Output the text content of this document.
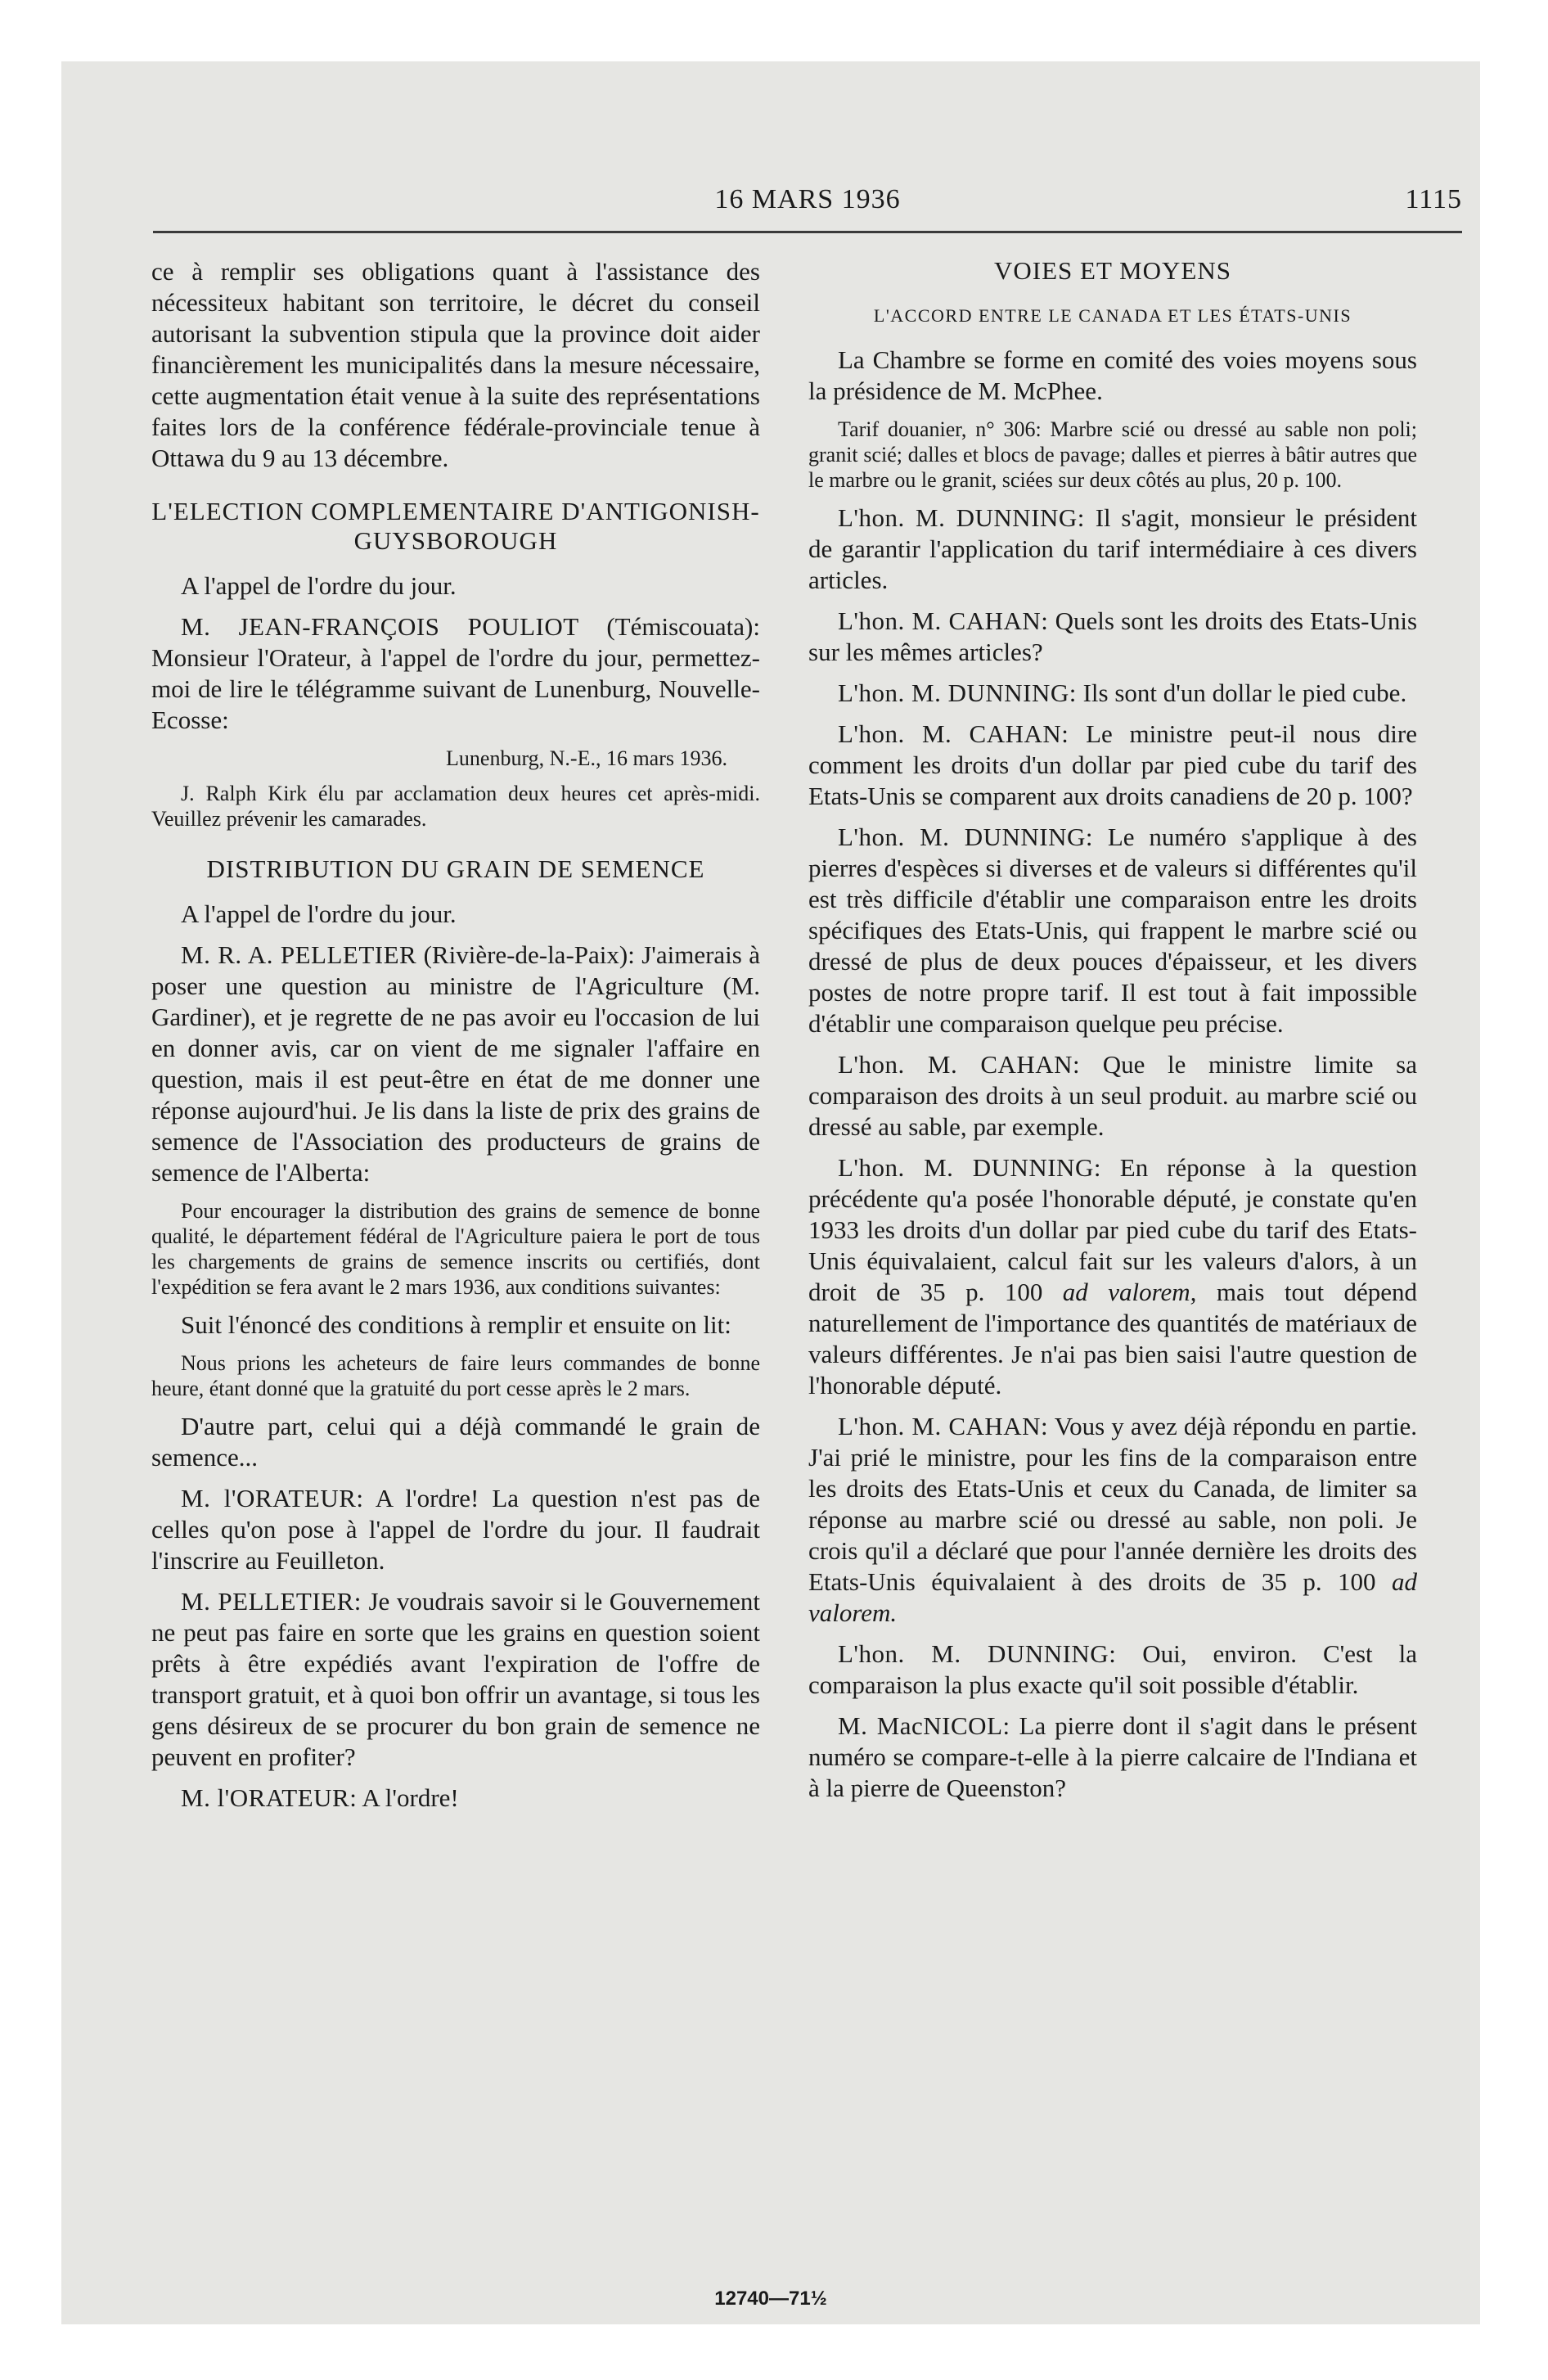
16 MARS 1936	1115

ce à remplir ses obligations quant à l'assistance des nécessiteux habitant son territoire, le décret du conseil autorisant la subvention stipula que la province doit aider financièrement les municipalités dans la mesure nécessaire, cette augmentation était venue à la suite des représentations faites lors de la conférence fédérale-provinciale tenue à Ottawa du 9 au 13 décembre.

L'ELECTION COMPLEMENTAIRE D'ANTIGONISH-GUYSBOROUGH

A l'appel de l'ordre du jour.

M. JEAN-FRANÇOIS POULIOT (Témiscouata): Monsieur l'Orateur, à l'appel de l'ordre du jour, permettez-moi de lire le télégramme suivant de Lunenburg, Nouvelle-Ecosse:

Lunenburg, N.-E., 16 mars 1936.

J. Ralph Kirk élu par acclamation deux heures cet après-midi. Veuillez prévenir les camarades.

DISTRIBUTION DU GRAIN DE SEMENCE

A l'appel de l'ordre du jour.

M. R. A. PELLETIER (Rivière-de-la-Paix): J'aimerais à poser une question au ministre de l'Agriculture (M. Gardiner), et je regrette de ne pas avoir eu l'occasion de lui en donner avis, car on vient de me signaler l'affaire en question, mais il est peut-être en état de me donner une réponse aujourd'hui. Je lis dans la liste de prix des grains de semence de l'Association des producteurs de grains de semence de l'Alberta:

Pour encourager la distribution des grains de semence de bonne qualité, le département fédéral de l'Agriculture paiera le port de tous les chargements de grains de semence inscrits ou certifiés, dont l'expédition se fera avant le 2 mars 1936, aux conditions suivantes:

Suit l'énoncé des conditions à remplir et ensuite on lit:

Nous prions les acheteurs de faire leurs commandes de bonne heure, étant donné que la gratuité du port cesse après le 2 mars.

D'autre part, celui qui a déjà commandé le grain de semence...

M. l'ORATEUR: A l'ordre! La question n'est pas de celles qu'on pose à l'appel de l'ordre du jour. Il faudrait l'inscrire au Feuilleton.

M. PELLETIER: Je voudrais savoir si le Gouvernement ne peut pas faire en sorte que les grains en question soient prêts à être expédiés avant l'expiration de l'offre de transport gratuit, et à quoi bon offrir un avantage, si tous les gens désireux de se procurer du bon grain de semence ne peuvent en profiter?

M. l'ORATEUR: A l'ordre!

VOIES ET MOYENS
L'ACCORD ENTRE LE CANADA ET LES ÉTATS-UNIS

La Chambre se forme en comité des voies moyens sous la présidence de M. McPhee.

Tarif douanier, n° 306: Marbre scié ou dressé au sable non poli; granit scié; dalles et blocs de pavage; dalles et pierres à bâtir autres que le marbre ou le granit, sciées sur deux côtés au plus, 20 p. 100.

L'hon. M. DUNNING: Il s'agit, monsieur le président de garantir l'application du tarif intermédiaire à ces divers articles.

L'hon. M. CAHAN: Quels sont les droits des Etats-Unis sur les mêmes articles?

L'hon. M. DUNNING: Ils sont d'un dollar le pied cube.

L'hon. M. CAHAN: Le ministre peut-il nous dire comment les droits d'un dollar par pied cube du tarif des Etats-Unis se comparent aux droits canadiens de 20 p. 100?

L'hon. M. DUNNING: Le numéro s'applique à des pierres d'espèces si diverses et de valeurs si différentes qu'il est très difficile d'établir une comparaison entre les droits spécifiques des Etats-Unis, qui frappent le marbre scié ou dressé de plus de deux pouces d'épaisseur, et les divers postes de notre propre tarif. Il est tout à fait impossible d'établir une comparaison quelque peu précise.

L'hon. M. CAHAN: Que le ministre limite sa comparaison des droits à un seul produit. au marbre scié ou dressé au sable, par exemple.

L'hon. M. DUNNING: En réponse à la question précédente qu'a posée l'honorable député, je constate qu'en 1933 les droits d'un dollar par pied cube du tarif des Etats-Unis équivalaient, calcul fait sur les valeurs d'alors, à un droit de 35 p. 100 ad valorem, mais tout dépend naturellement de l'importance des quantités de matériaux de valeurs différentes. Je n'ai pas bien saisi l'autre question de l'honorable député.

L'hon. M. CAHAN: Vous y avez déjà répondu en partie. J'ai prié le ministre, pour les fins de la comparaison entre les droits des Etats-Unis et ceux du Canada, de limiter sa réponse au marbre scié ou dressé au sable, non poli. Je crois qu'il a déclaré que pour l'année dernière les droits des Etats-Unis équivalaient à des droits de 35 p. 100 ad valorem.

L'hon. M. DUNNING: Oui, environ. C'est la comparaison la plus exacte qu'il soit possible d'établir.

M. MacNICOL: La pierre dont il s'agit dans le présent numéro se compare-t-elle à la pierre calcaire de l'Indiana et à la pierre de Queenston?

12740—71½
